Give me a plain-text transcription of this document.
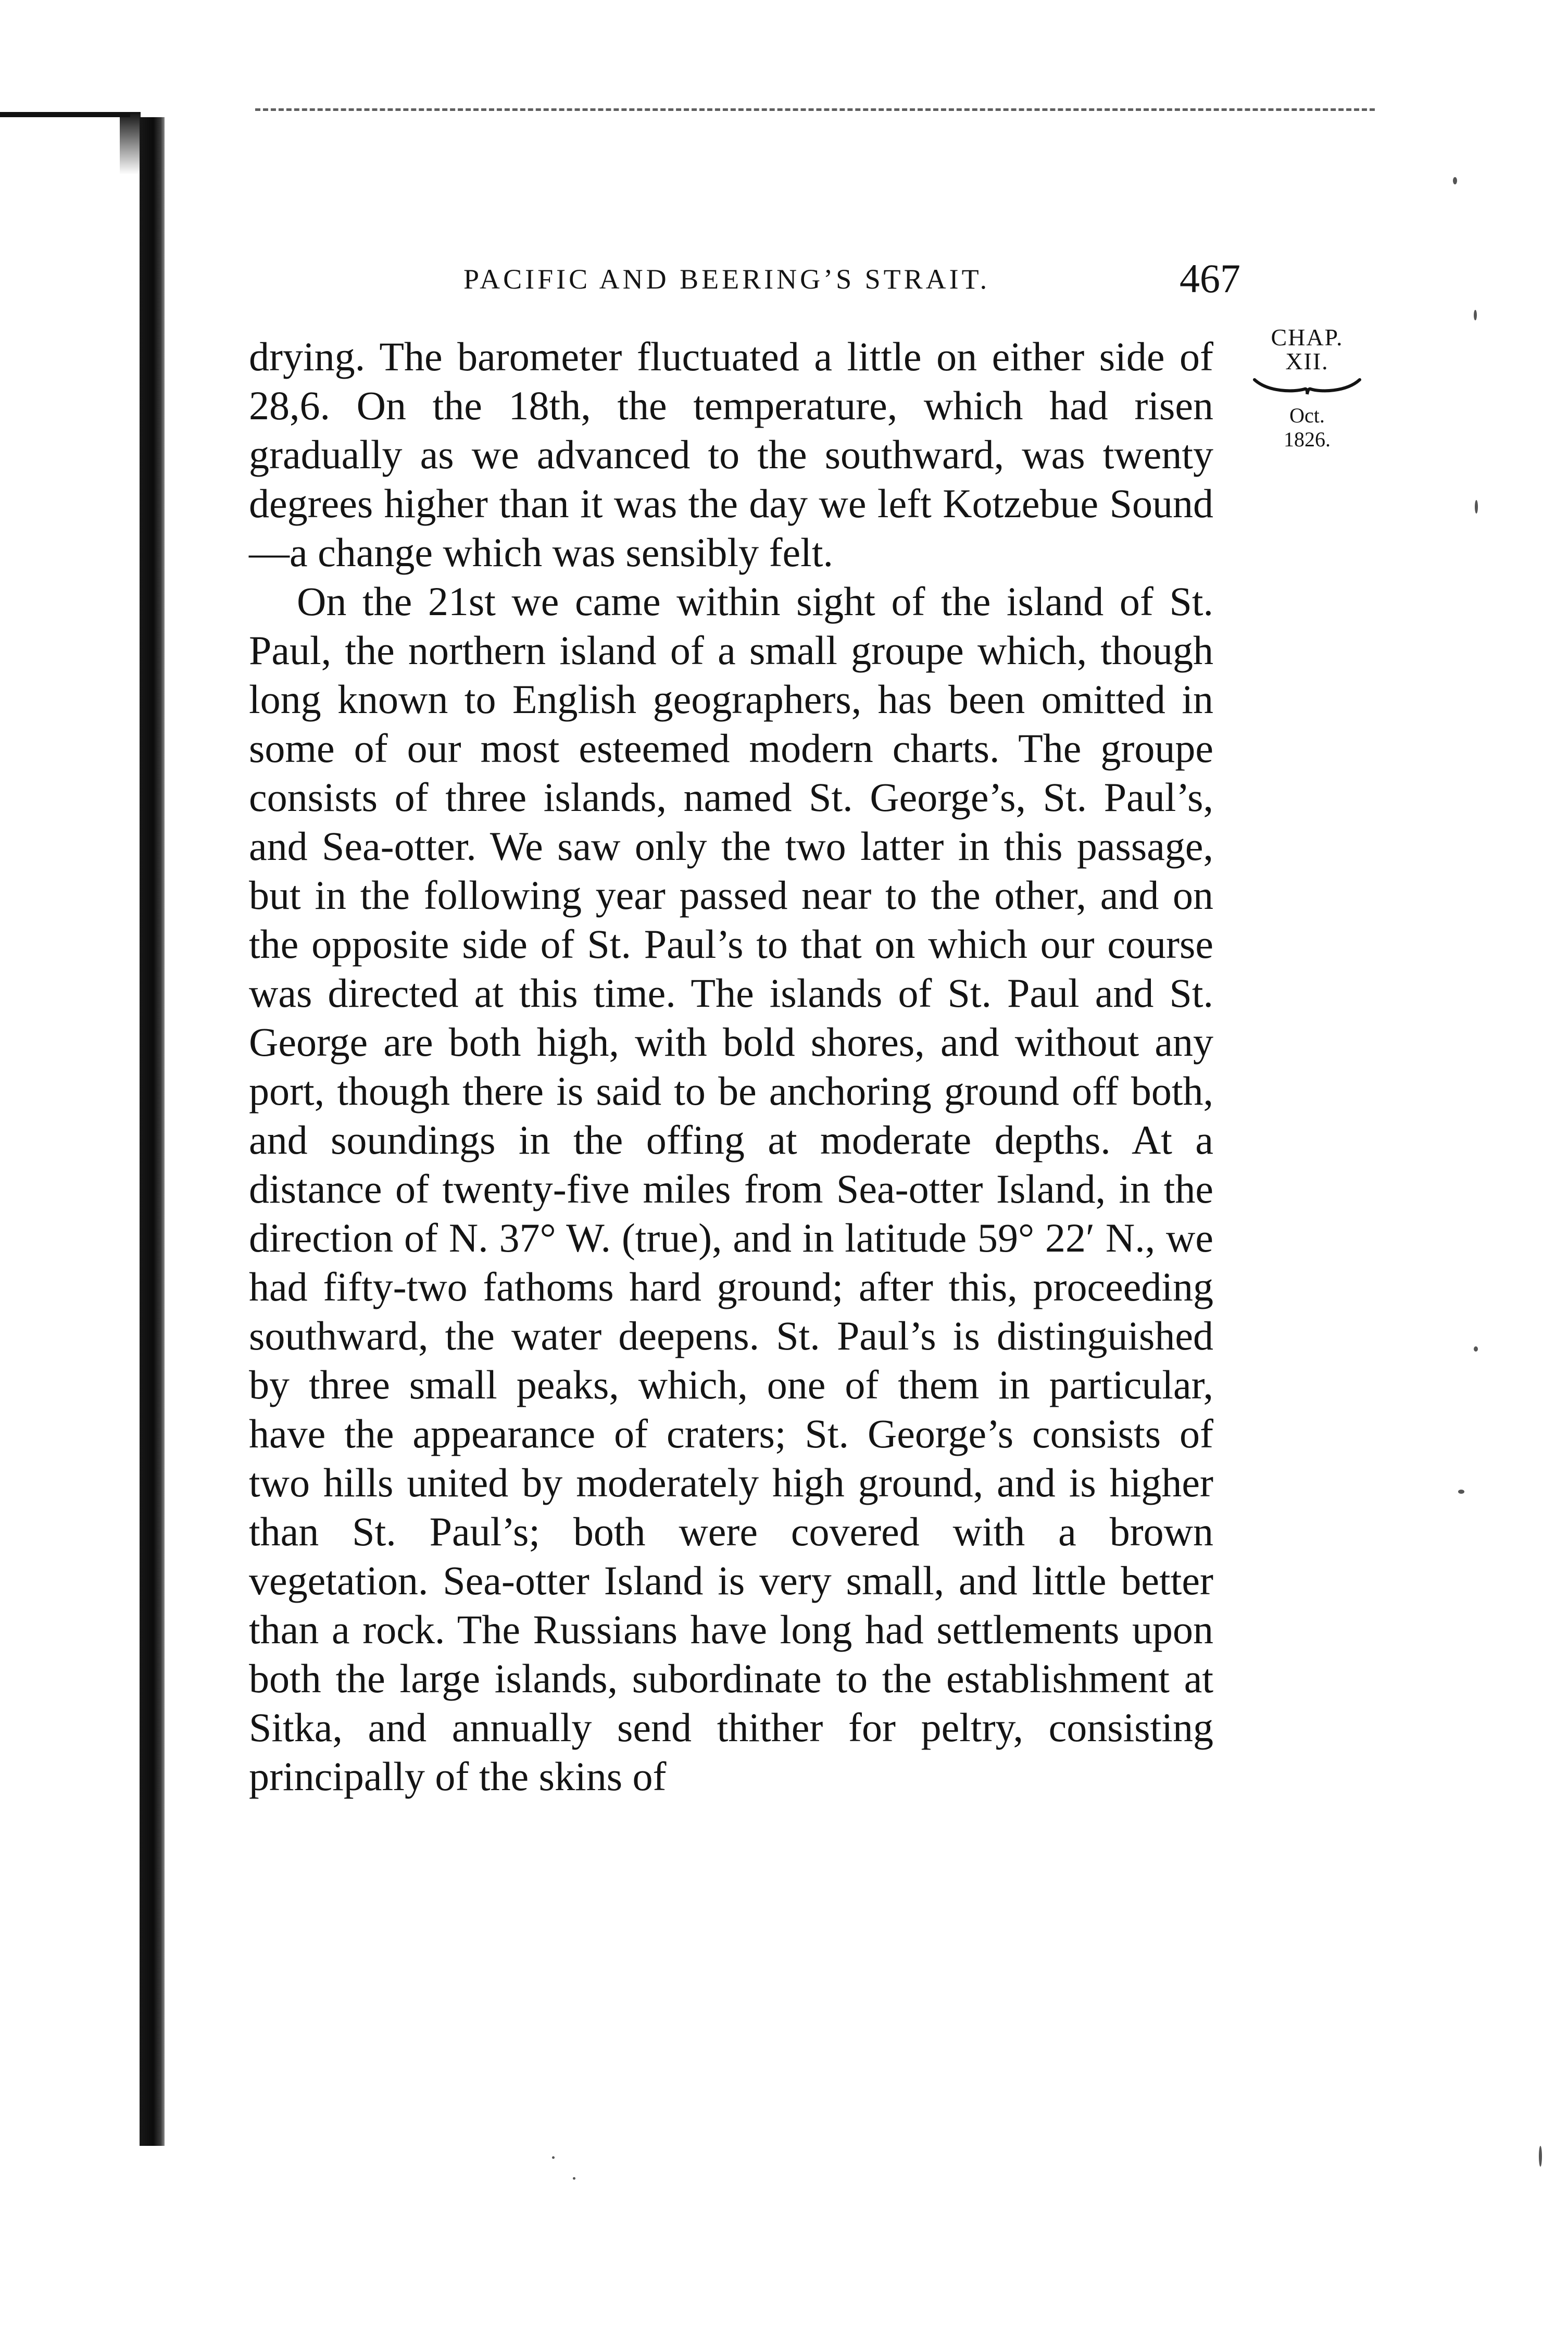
PACIFIC AND BEERING’S STRAIT.	467
CHAP.
XII.
Oct.
1826.

drying. The barometer fluctuated a little on either side of 28,6. On the 18th, the temperature, which had risen gradually as we advanced to the southward, was twenty degrees higher than it was the day we left Kotzebue Sound—a change which was sensibly felt.

On the 21st we came within sight of the island of St. Paul, the northern island of a small groupe which, though long known to English geographers, has been omitted in some of our most esteemed modern charts. The groupe consists of three islands, named St. George’s, St. Paul’s, and Sea-otter. We saw only the two latter in this passage, but in the following year passed near to the other, and on the opposite side of St. Paul’s to that on which our course was directed at this time. The islands of St. Paul and St. George are both high, with bold shores, and without any port, though there is said to be anchoring ground off both, and soundings in the offing at moderate depths. At a distance of twenty-five miles from Sea-otter Island, in the direction of N. 37° W. (true), and in latitude 59° 22′ N., we had fifty-two fathoms hard ground; after this, proceeding southward, the water deepens. St. Paul’s is distinguished by three small peaks, which, one of them in particular, have the appearance of craters; St. George’s consists of two hills united by moderately high ground, and is higher than St. Paul’s; both were covered with a brown vegetation. Sea-otter Island is very small, and little better than a rock. The Russians have long had settlements upon both the large islands, subordinate to the establishment at Sitka, and annually send thither for peltry, consisting principally of the skins of
